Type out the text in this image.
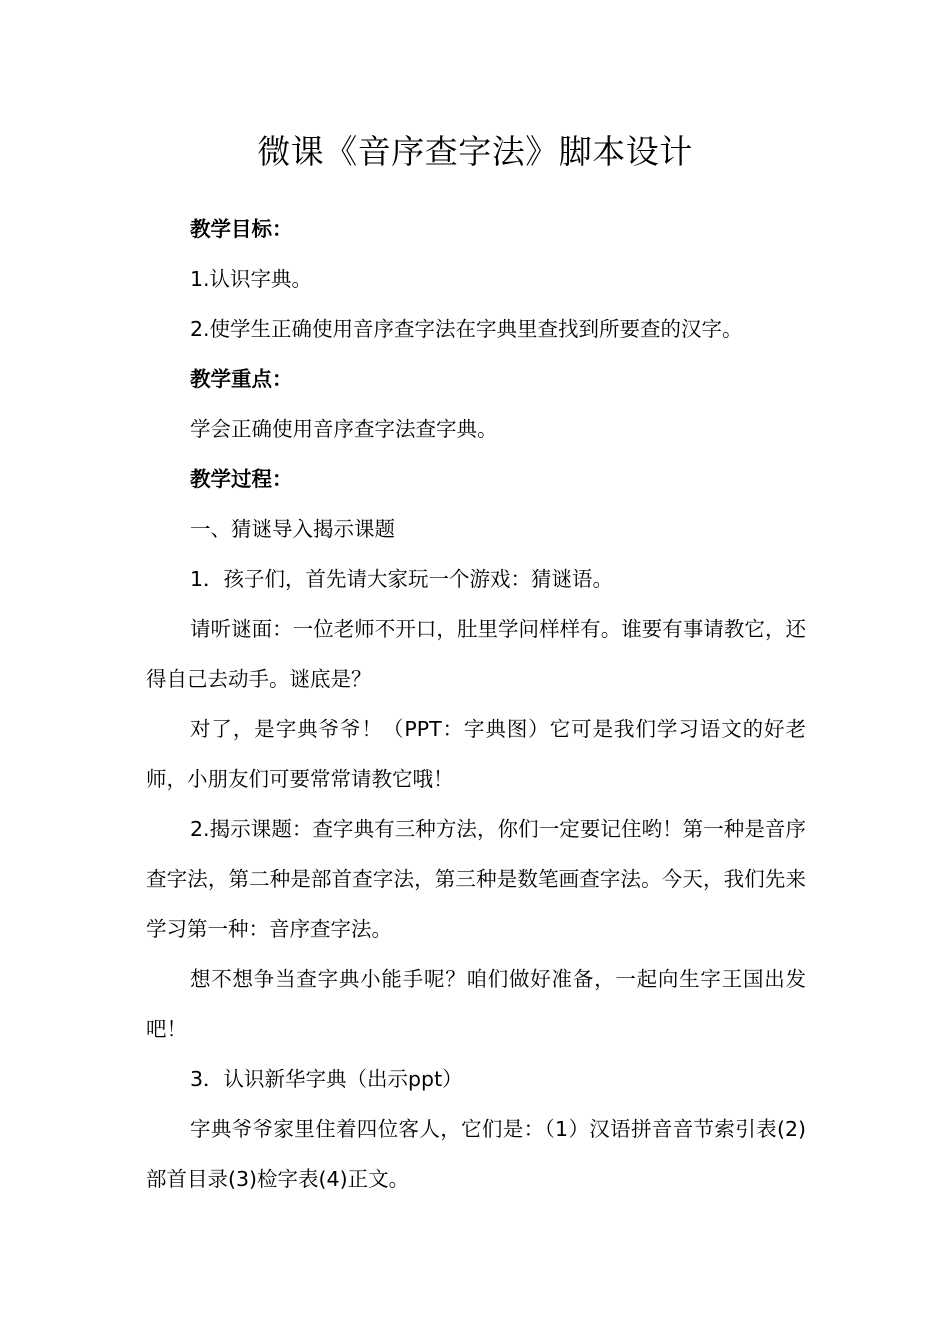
微课《音序查字法》脚本设计

教学目标：

1.认识字典。

2.使学生正确使用音序查字法在字典里查找到所要查的汉字。

教学重点：

学会正确使用音序查字法查字典。

教学过程：

一、猜谜导入揭示课题

1．孩子们，首先请大家玩一个游戏：猜谜语。

请听谜面：一位老师不开口，肚里学问样样有。谁要有事请教它，还得自己去动手。谜底是？

对了，是字典爷爷！（PPT：字典图）它可是我们学习语文的好老师，小朋友们可要常常请教它哦！

2.揭示课题：查字典有三种方法，你们一定要记住哟！第一种是音序查字法，第二种是部首查字法，第三种是数笔画查字法。今天，我们先来学习第一种：音序查字法。

想不想争当查字典小能手呢？咱们做好准备，一起向生字王国出发吧！

3．认识新华字典（出示ppt）

字典爷爷家里住着四位客人，它们是：（1）汉语拼音音节索引表(2)部首目录(3)检字表(4)正文。
